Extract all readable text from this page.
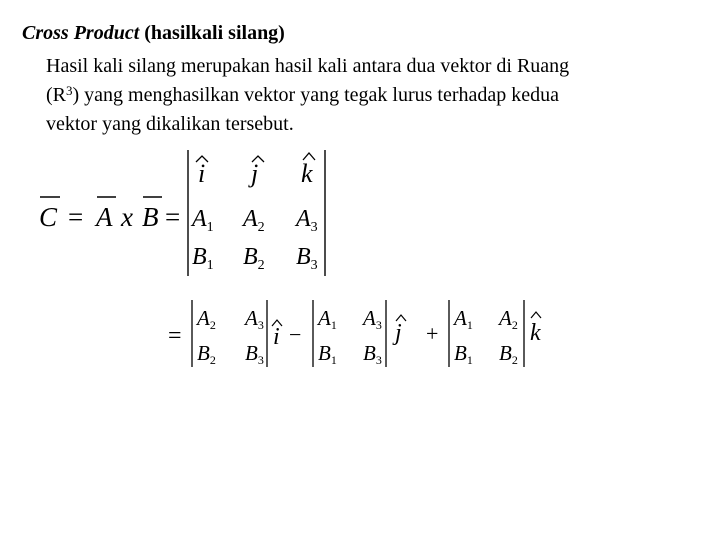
Cross Product (hasilkali silang)
Hasil kali silang merupakan hasil kali antara dua vektor di Ruang
$(R^3)$ yang menghasilkan vektor yang tegak lurus terhadap kedua
vektor yang dikalikan tersebut.
C = A x B =
i j k
$A_1$ $A_2$ $A_3$
$B_1$ $B_2$ $B_3$
=
A2 A3
B2 B3
i −
A1 A3
B1 B3
j +
A1 A2
B1 B2
k
